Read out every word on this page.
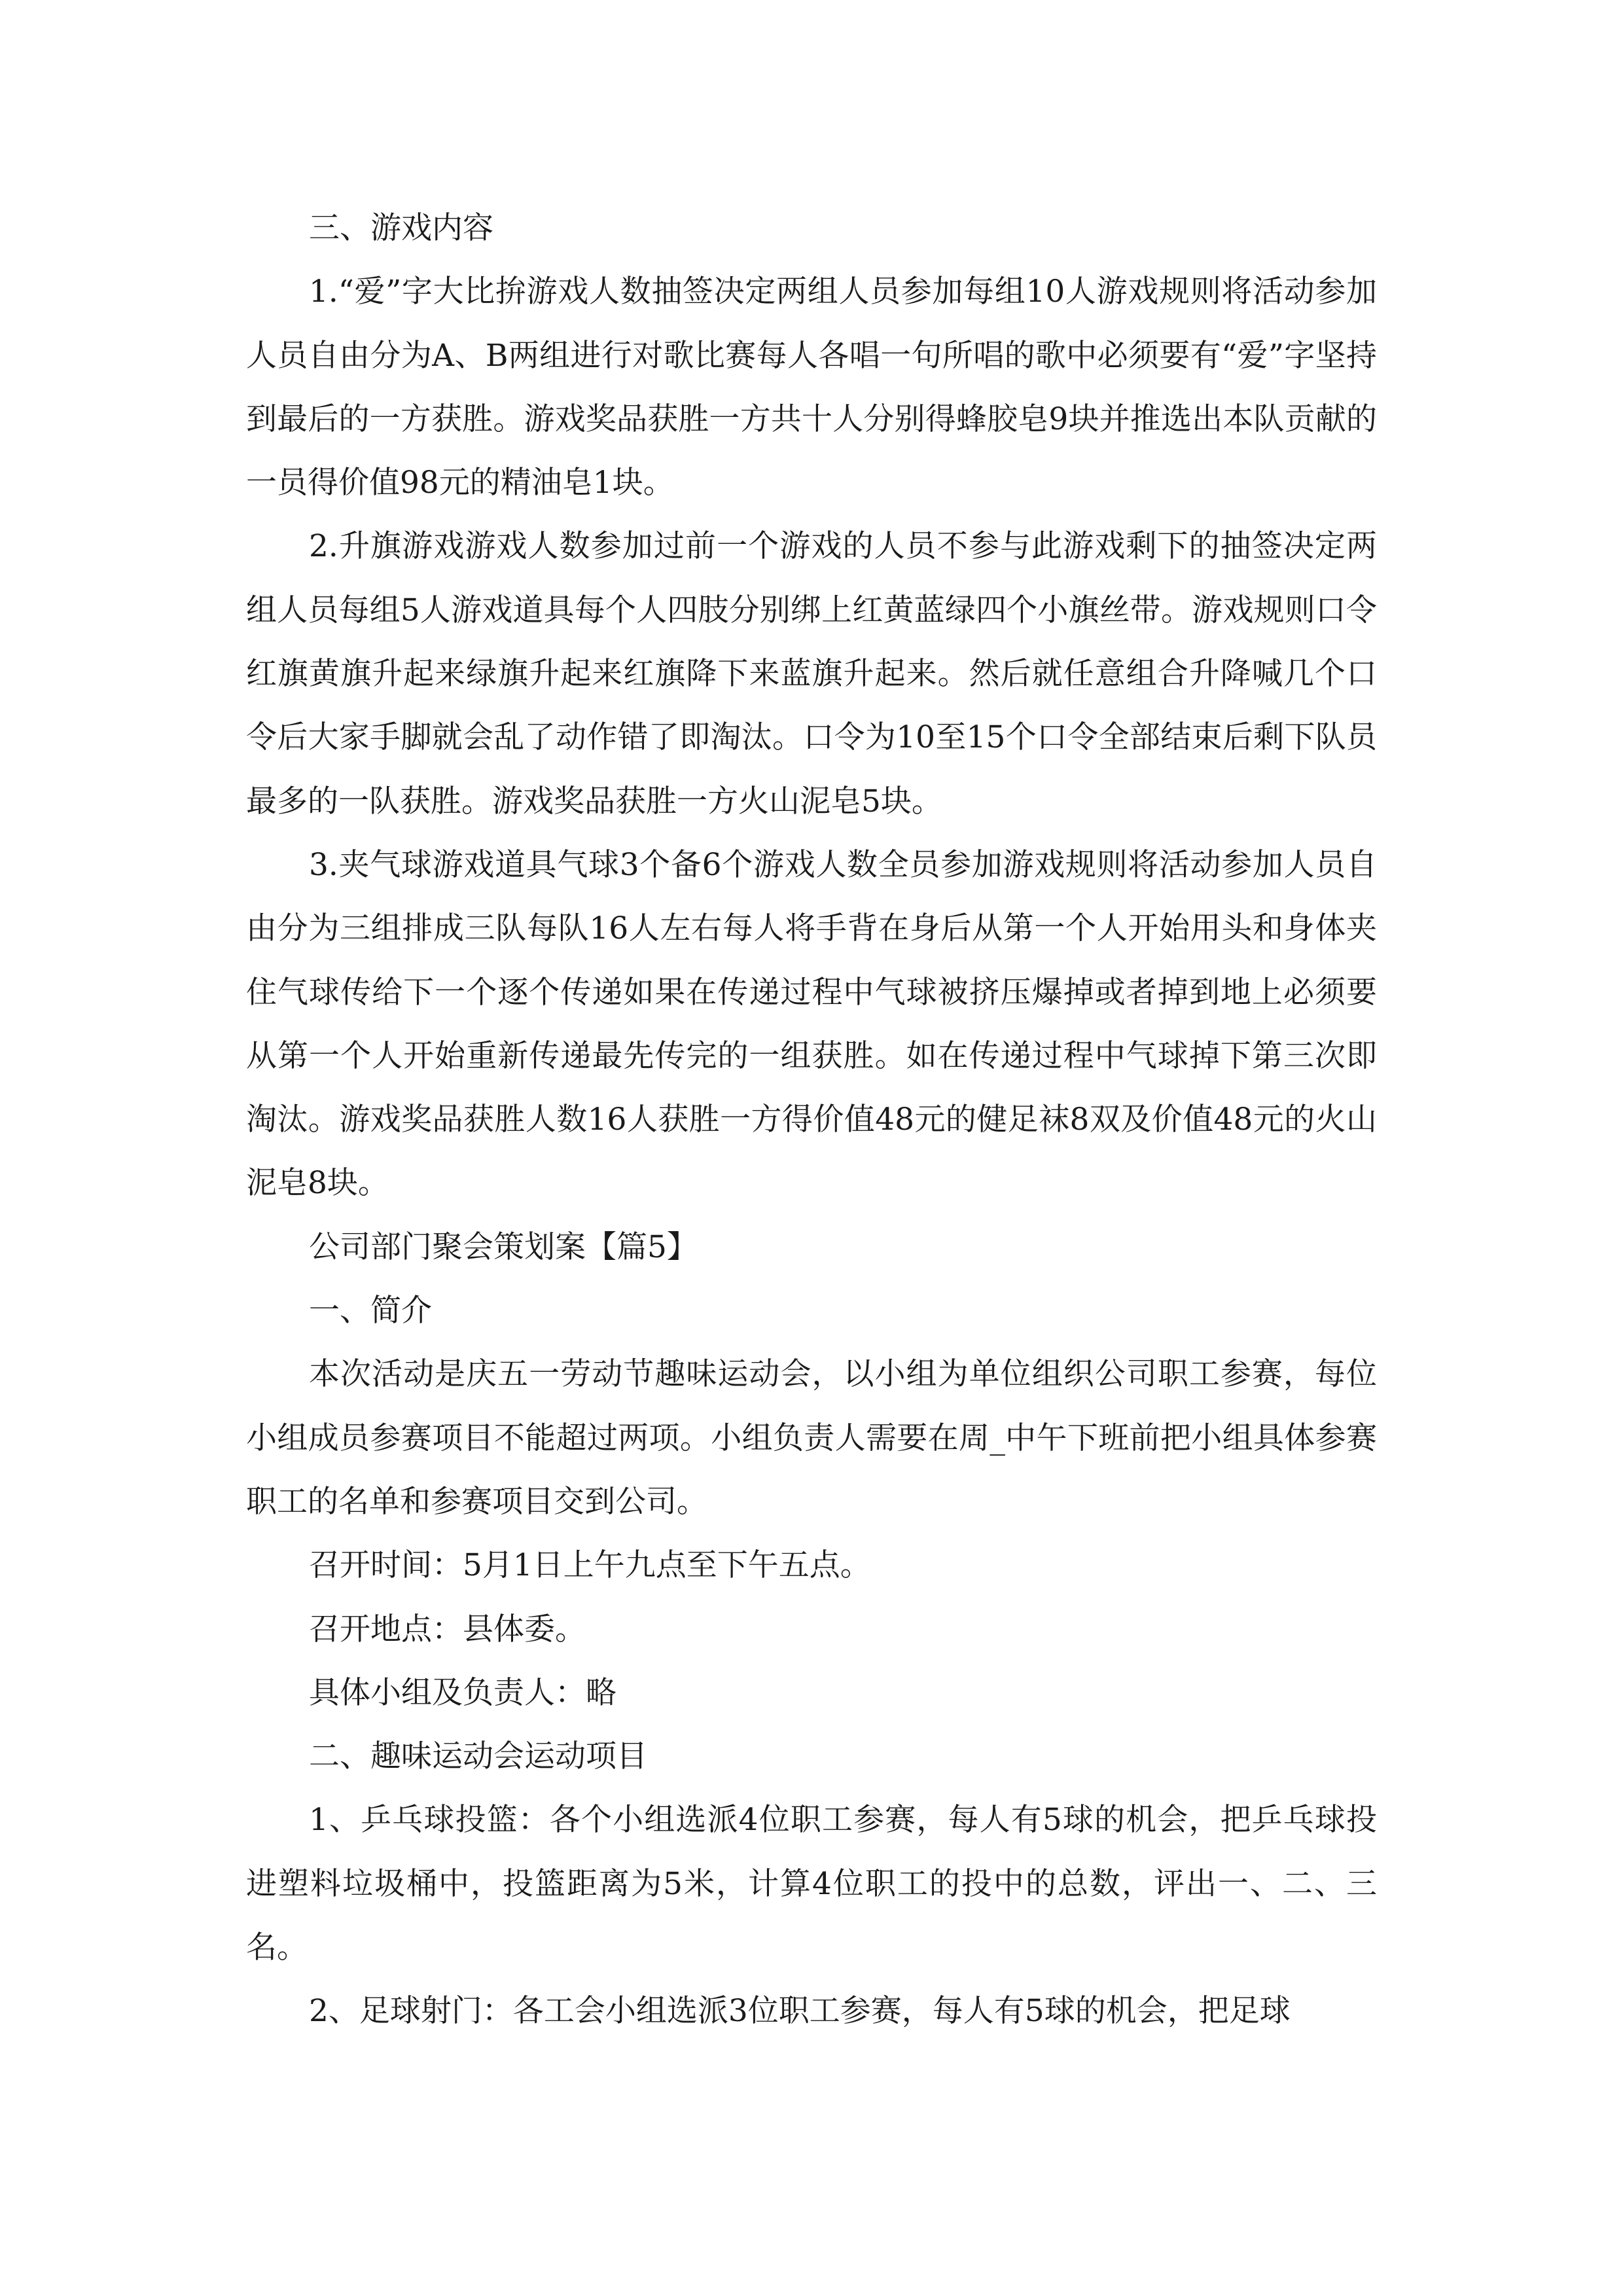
三、游戏内容

1.“爱”字大比拚游戏人数抽签决定两组人员参加每组10人游戏规则将活动参加人员自由分为A、B两组进行对歌比赛每人各唱一句所唱的歌中必须要有“爱”字坚持到最后的一方获胜。游戏奖品获胜一方共十人分别得蜂胶皂9块并推选出本队贡献的一员得价值98元的精油皂1块。

2.升旗游戏游戏人数参加过前一个游戏的人员不参与此游戏剩下的抽签决定两组人员每组5人游戏道具每个人四肢分别绑上红黄蓝绿四个小旗丝带。游戏规则口令红旗黄旗升起来绿旗升起来红旗降下来蓝旗升起来。然后就任意组合升降喊几个口令后大家手脚就会乱了动作错了即淘汰。口令为10至15个口令全部结束后剩下队员最多的一队获胜。游戏奖品获胜一方火山泥皂5块。

3.夹气球游戏道具气球3个备6个游戏人数全员参加游戏规则将活动参加人员自由分为三组排成三队每队16人左右每人将手背在身后从第一个人开始用头和身体夹住气球传给下一个逐个传递如果在传递过程中气球被挤压爆掉或者掉到地上必须要从第一个人开始重新传递最先传完的一组获胜。如在传递过程中气球掉下第三次即淘汰。游戏奖品获胜人数16人获胜一方得价值48元的健足袜8双及价值48元的火山泥皂8块。

公司部门聚会策划案【篇5】

一、简介

本次活动是庆五一劳动节趣味运动会，以小组为单位组织公司职工参赛，每位小组成员参赛项目不能超过两项。小组负责人需要在周_中午下班前把小组具体参赛职工的名单和参赛项目交到公司。

召开时间：5月1日上午九点至下午五点。

召开地点：县体委。

具体小组及负责人：略

二、趣味运动会运动项目

1、乒乓球投篮：各个小组选派4位职工参赛，每人有5球的机会，把乒乓球投进塑料垃圾桶中，投篮距离为5米，计算4位职工的投中的总数，评出一、二、三名。

2、足球射门：各工会小组选派3位职工参赛，每人有5球的机会，把足球
